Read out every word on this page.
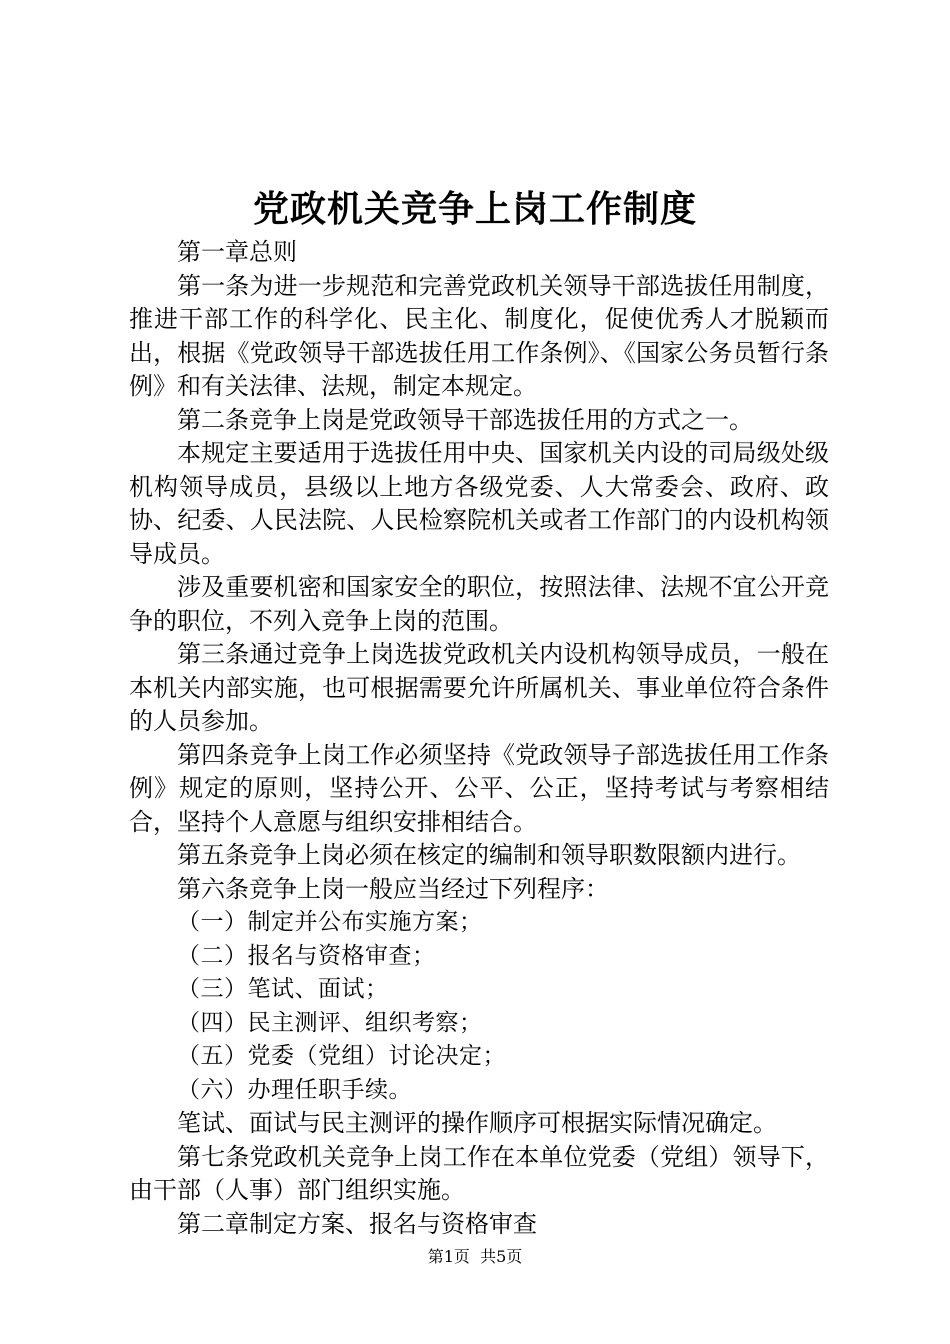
党政机关竞争上岗工作制度

第一章总则

第一条为进一步规范和完善党政机关领导干部选拔任用制度，推进干部工作的科学化、民主化、制度化，促使优秀人才脱颖而出，根据《党政领导干部选拔任用工作条例》、《国家公务员暂行条例》和有关法律、法规，制定本规定。

第二条竞争上岗是党政领导干部选拔任用的方式之一。

本规定主要适用于选拔任用中央、国家机关内设的司局级处级机构领导成员，县级以上地方各级党委、人大常委会、政府、政协、纪委、人民法院、人民检察院机关或者工作部门的内设机构领导成员。

涉及重要机密和国家安全的职位，按照法律、法规不宜公开竞争的职位，不列入竞争上岗的范围。

第三条通过竞争上岗选拔党政机关内设机构领导成员，一般在本机关内部实施，也可根据需要允许所属机关、事业单位符合条件的人员参加。

第四条竞争上岗工作必须坚持《党政领导子部选拔任用工作条例》规定的原则，坚持公开、公平、公正，坚持考试与考察相结合，坚持个人意愿与组织安排相结合。

第五条竞争上岗必须在核定的编制和领导职数限额内进行。

第六条竞争上岗一般应当经过下列程序：

（一）制定并公布实施方案；

（二）报名与资格审查；

（三）笔试、面试；

（四）民主测评、组织考察；

（五）党委（党组）讨论决定；

（六）办理任职手续。

笔试、面试与民主测评的操作顺序可根据实际情况确定。

第七条党政机关竞争上岗工作在本单位党委（党组）领导下，由干部（人事）部门组织实施。

第二章制定方案、报名与资格审查

第1页 共5页
